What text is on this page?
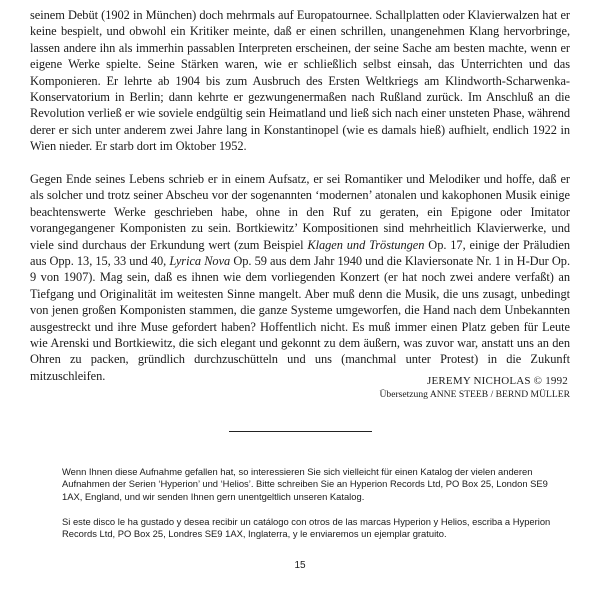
seinem Debüt (1902 in München) doch mehrmals auf Europatournee. Schallplatten oder Klavierwalzen hat er keine bespielt, und obwohl ein Kritiker meinte, daß er einen schrillen, unangenehmen Klang hervorbringe, lassen andere ihn als immerhin passablen Interpreten erscheinen, der seine Sache am besten machte, wenn er eigene Werke spielte. Seine Stärken waren, wie er schließlich selbst einsah, das Unterrichten und das Komponieren. Er lehrte ab 1904 bis zum Ausbruch des Ersten Weltkriegs am Klindworth-Scharwenka-Konservatorium in Berlin; dann kehrte er gezwungenermaßen nach Rußland zurück. Im Anschluß an die Revolution verließ er wie soviele endgültig sein Heimatland und ließ sich nach einer unsteten Phase, während derer er sich unter anderem zwei Jahre lang in Konstantinopel (wie es damals hieß) aufhielt, endlich 1922 in Wien nieder. Er starb dort im Oktober 1952.

Gegen Ende seines Lebens schrieb er in einem Aufsatz, er sei Romantiker und Melodiker und hoffe, daß er als solcher und trotz seiner Abscheu vor der sogenannten ‘modernen’ atonalen und kakophonen Musik einige beachtenswerte Werke geschrieben habe, ohne in den Ruf zu geraten, ein Epigone oder Imitator vorangegangener Komponisten zu sein. Bortkiewitz’ Kompositionen sind mehrheitlich Klavierwerke, und viele sind durchaus der Erkundung wert (zum Beispiel Klagen und Tröstungen Op. 17, einige der Präludien aus Opp. 13, 15, 33 und 40, Lyrica Nova Op. 59 aus dem Jahr 1940 und die Klaviersonate Nr. 1 in H-Dur Op. 9 von 1907). Mag sein, daß es ihnen wie dem vorliegenden Konzert (er hat noch zwei andere verfaßt) an Tiefgang und Originalität im weitesten Sinne mangelt. Aber muß denn die Musik, die uns zusagt, unbedingt von jenen großen Komponisten stammen, die ganze Systeme umgeworfen, die Hand nach dem Unbekannten ausgestreckt und ihre Muse gefordert haben? Hoffentlich nicht. Es muß immer einen Platz geben für Leute wie Arenski und Bortkiewitz, die sich elegant und gekonnt zu dem äußern, was zuvor war, anstatt uns an den Ohren zu packen, gründlich durchzuschütteln und uns (manchmal unter Protest) in die Zukunft mitzuschleifen.	JEREMY NICHOLAS © 1992
Übersetzung ANNE STEEB / BERND MÜLLER

Wenn Ihnen diese Aufnahme gefallen hat, so interessieren Sie sich vielleicht für einen Katalog der vielen anderen Aufnahmen der Serien ‘Hyperion’ und ‘Helios’. Bitte schreiben Sie an Hyperion Records Ltd, PO Box 25, London SE9 1AX, England, und wir senden Ihnen gern unentgeltlich unseren Katalog.

Si este disco le ha gustado y desea recibir un catálogo con otros de las marcas Hyperion y Helios, escriba a Hyperion Records Ltd, PO Box 25, Londres SE9 1AX, Inglaterra, y le enviaremos un ejemplar gratuito.

15
